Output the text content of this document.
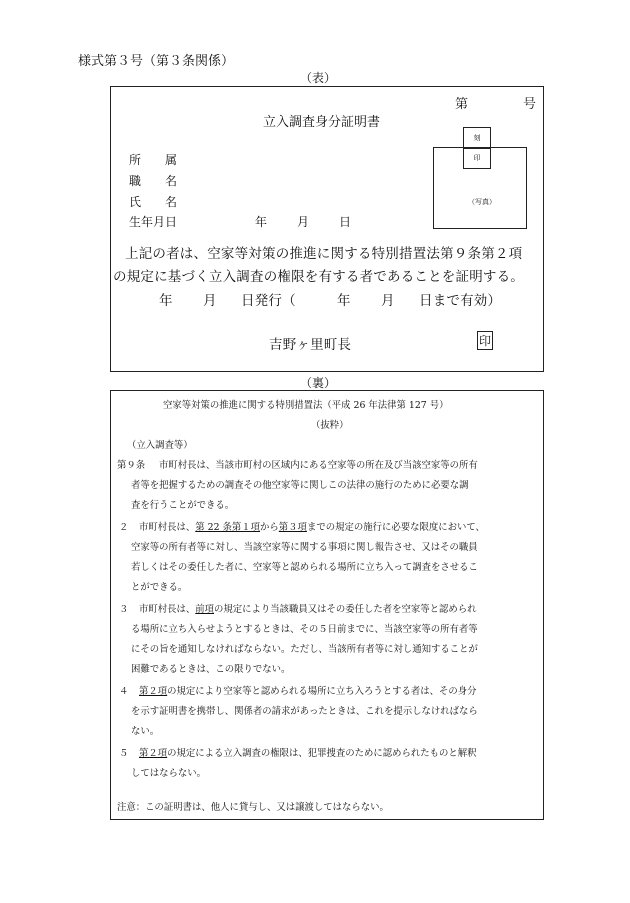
様式第３号（第３条関係）
（表）
第	号
立入調査身分証明書
刻
（写真）
印
所　　属
職　　名
氏　　名
生年月日	年 月 日
上記の者は、空家等対策の推進に関する特別措置法第９条第２項
の規定に基づく立入調査の権限を有する者であることを証明する。
年 月 日発行（	年 月 日まで有効）
吉野ヶ里町長	印
（裏）
空家等対策の推進に関する特別措置法（平成 26 年法律第 127 号）
（抜粋）
（立入調査等）
第９条 市町村長は、当該市町村の区域内にある空家等の所在及び当該空家等の所有
者等を把握するための調査その他空家等に関しこの法律の施行のために必要な調
査を行うことができる。
２ 市町村長は、第 22 条第１項から第３項までの規定の施行に必要な限度において、
空家等の所有者等に対し、当該空家等に関する事項に関し報告させ、又はその職員
若しくはその委任した者に、空家等と認められる場所に立ち入って調査をさせるこ
とができる。
３ 市町村長は、前項の規定により当該職員又はその委任した者を空家等と認められ
る場所に立ち入らせようとするときは、その５日前までに、当該空家等の所有者等
にその旨を通知しなければならない。ただし、当該所有者等に対し通知することが
困難であるときは、この限りでない。
４ 第２項の規定により空家等と認められる場所に立ち入ろうとする者は、その身分
を示す証明書を携帯し、関係者の請求があったときは、これを提示しなければなら
ない。
５ 第２項の規定による立入調査の権限は、犯罪捜査のために認められたものと解釈
してはならない。
注意：この証明書は、他人に貸与し、又は譲渡してはならない。
